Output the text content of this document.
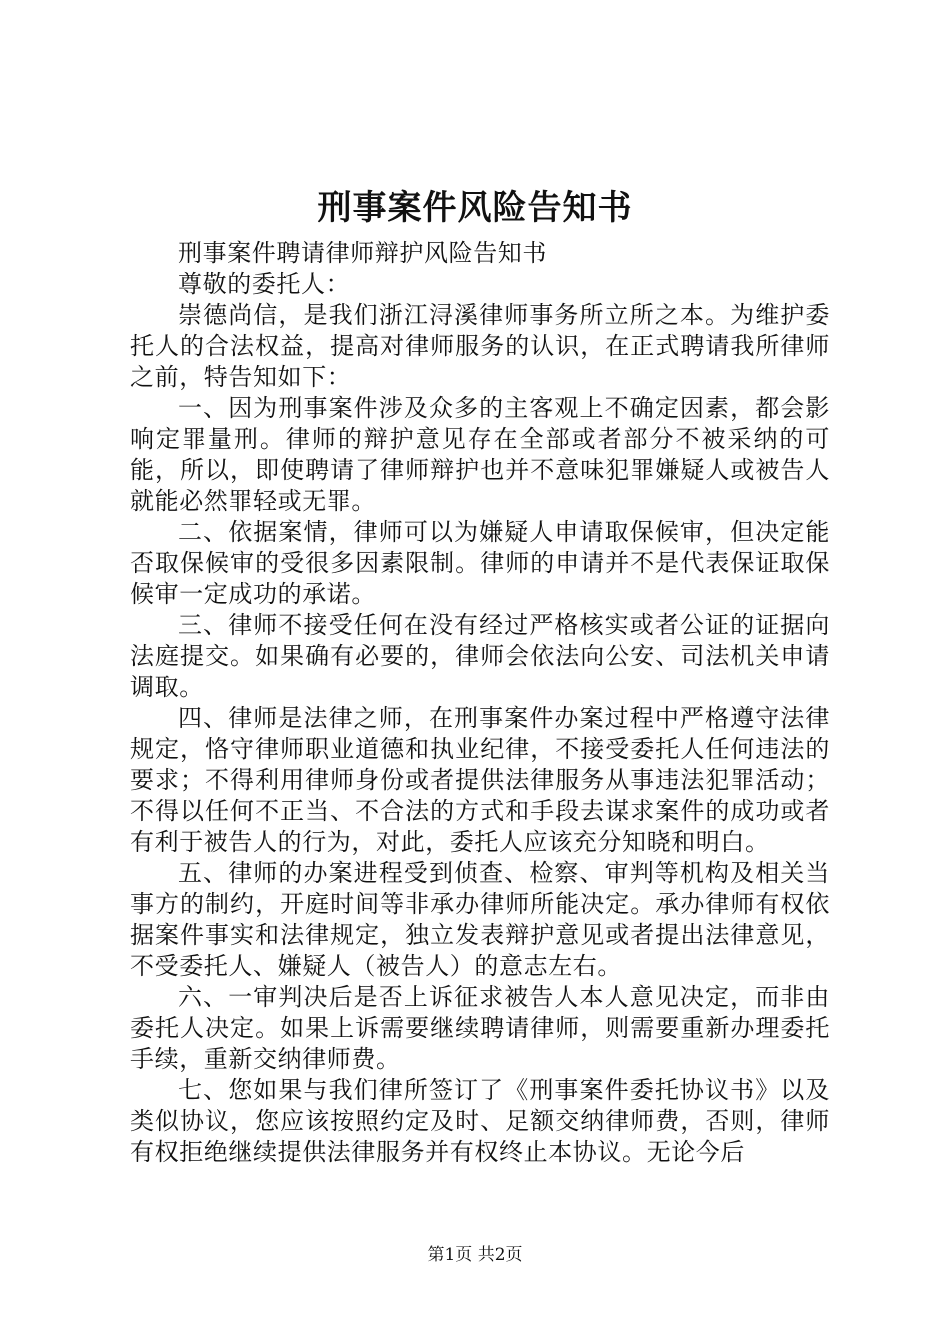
刑事案件风险告知书

刑事案件聘请律师辩护风险告知书

尊敬的委托人：

崇德尚信，是我们浙江浔溪律师事务所立所之本。为维护委托人的合法权益，提高对律师服务的认识，在正式聘请我所律师之前，特告知如下：

一、因为刑事案件涉及众多的主客观上不确定因素，都会影响定罪量刑。律师的辩护意见存在全部或者部分不被采纳的可能，所以，即使聘请了律师辩护也并不意味犯罪嫌疑人或被告人就能必然罪轻或无罪。

二、依据案情，律师可以为嫌疑人申请取保候审，但决定能否取保候审的受很多因素限制。律师的申请并不是代表保证取保候审一定成功的承诺。

三、律师不接受任何在没有经过严格核实或者公证的证据向法庭提交。如果确有必要的，律师会依法向公安、司法机关申请调取。

四、律师是法律之师，在刑事案件办案过程中严格遵守法律规定，恪守律师职业道德和执业纪律，不接受委托人任何违法的要求；不得利用律师身份或者提供法律服务从事违法犯罪活动；不得以任何不正当、不合法的方式和手段去谋求案件的成功或者有利于被告人的行为，对此，委托人应该充分知晓和明白。

五、律师的办案进程受到侦查、检察、审判等机构及相关当事方的制约，开庭时间等非承办律师所能决定。承办律师有权依据案件事实和法律规定，独立发表辩护意见或者提出法律意见，不受委托人、嫌疑人（被告人）的意志左右。

六、一审判决后是否上诉征求被告人本人意见决定，而非由委托人决定。如果上诉需要继续聘请律师，则需要重新办理委托手续，重新交纳律师费。

七、您如果与我们律所签订了《刑事案件委托协议书》以及类似协议，您应该按照约定及时、足额交纳律师费，否则，律师有权拒绝继续提供法律服务并有权终止本协议。无论今后

第1页 共2页
